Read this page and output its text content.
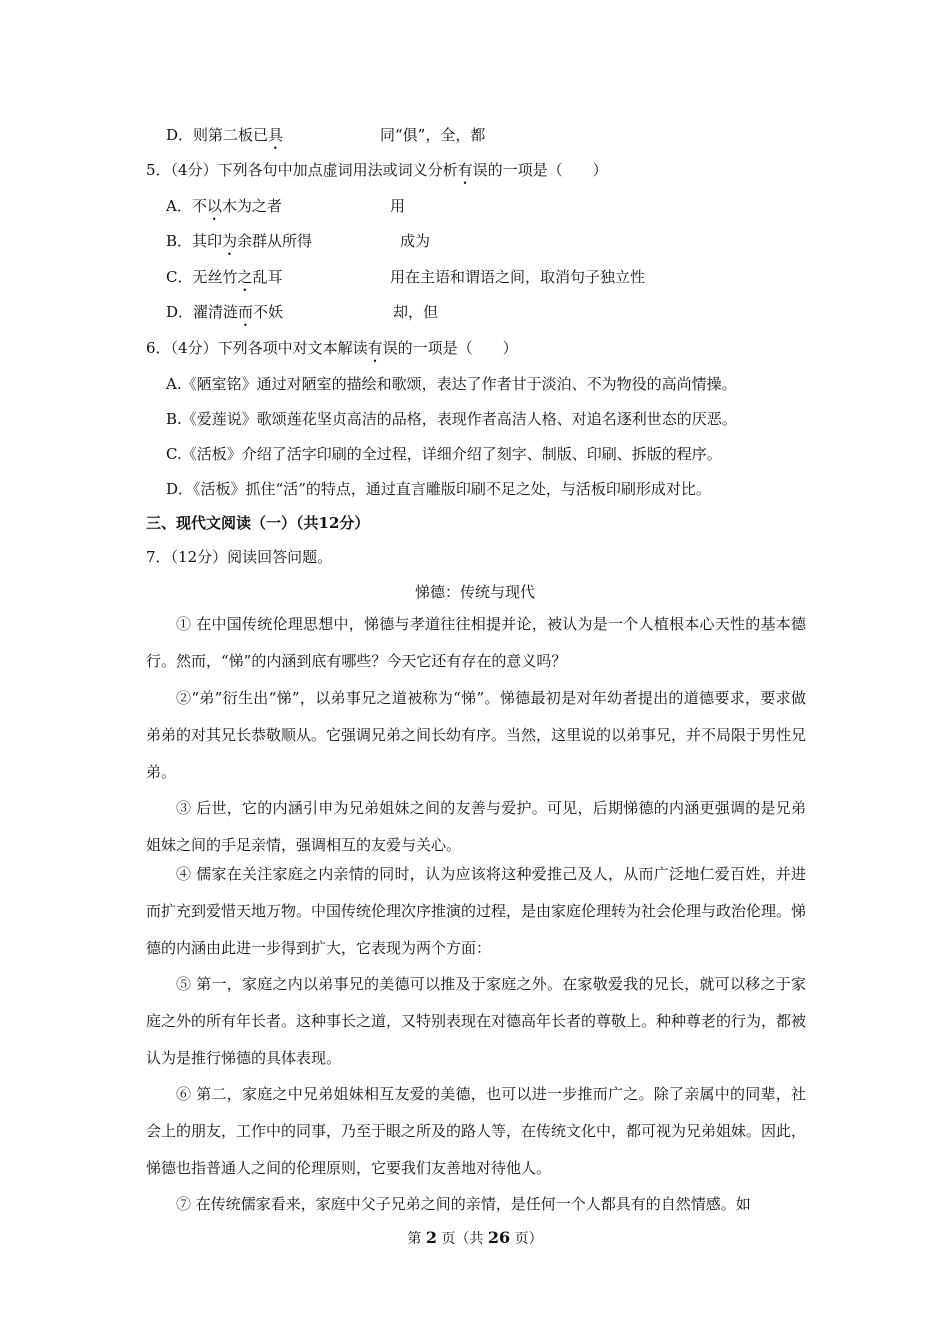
D．则第二板已具	同“俱”，全，都
5．（4分）下列各句中加点虚词用法或词义分析有误的一项是（　　）
A．不以木为之者	用
B．其印为余群从所得	成为
C．无丝竹之乱耳	用在主语和谓语之间，取消句子独立性
D．濯清涟而不妖	却，但
6．（4分）下列各项中对文本解读有误的一项是（　　）
A.《陋室铭》通过对陋室的描绘和歌颂，表达了作者甘于淡泊、不为物役的高尚情操。
B.《爱莲说》歌颂莲花坚贞高洁的品格，表现作者高洁人格、对追名逐利世态的厌恶。
C.《活板》介绍了活字印刷的全过程，详细介绍了刻字、制版、印刷、拆版的程序。
D．《活板》抓住“活”的特点，通过直言雕版印刷不足之处，与活板印刷形成对比。
三、现代文阅读（一）（共12分）
7．（12分）阅读回答问题。
悌德：传统与现代
① 在中国传统伦理思想中，悌德与孝道往往相提并论，被认为是一个人植根本心天性的基本德行。然而，“悌”的内涵到底有哪些？今天它还有存在的意义吗？
②“弟”衍生出“悌”，以弟事兄之道被称为“悌”。悌德最初是对年幼者提出的道德要求，要求做弟弟的对其兄长恭敬顺从。它强调兄弟之间长幼有序。当然，这里说的以弟事兄，并不局限于男性兄弟。
③ 后世，它的内涵引申为兄弟姐妹之间的友善与爱护。可见，后期悌德的内涵更强调的是兄弟姐妹之间的手足亲情，强调相互的友爱与关心。
④ 儒家在关注家庭之内亲情的同时，认为应该将这种爱推己及人，从而广泛地仁爱百姓，并进而扩充到爱惜天地万物。中国传统伦理次序推演的过程，是由家庭伦理转为社会伦理与政治伦理。悌德的内涵由此进一步得到扩大，它表现为两个方面：
⑤ 第一，家庭之内以弟事兄的美德可以推及于家庭之外。在家敬爱我的兄长，就可以移之于家庭之外的所有年长者。这种事长之道，又特别表现在对德高年长者的尊敬上。种种尊老的行为，都被认为是推行悌德的具体表现。
⑥ 第二，家庭之中兄弟姐妹相互友爱的美德，也可以进一步推而广之。除了亲属中的同辈，社会上的朋友，工作中的同事，乃至于眼之所及的路人等，在传统文化中，都可视为兄弟姐妹。因此，悌德也指普通人之间的伦理原则，它要我们友善地对待他人。
⑦ 在传统儒家看来，家庭中父子兄弟之间的亲情，是任何一个人都具有的自然情感。如
第 2 页（共 26 页）
